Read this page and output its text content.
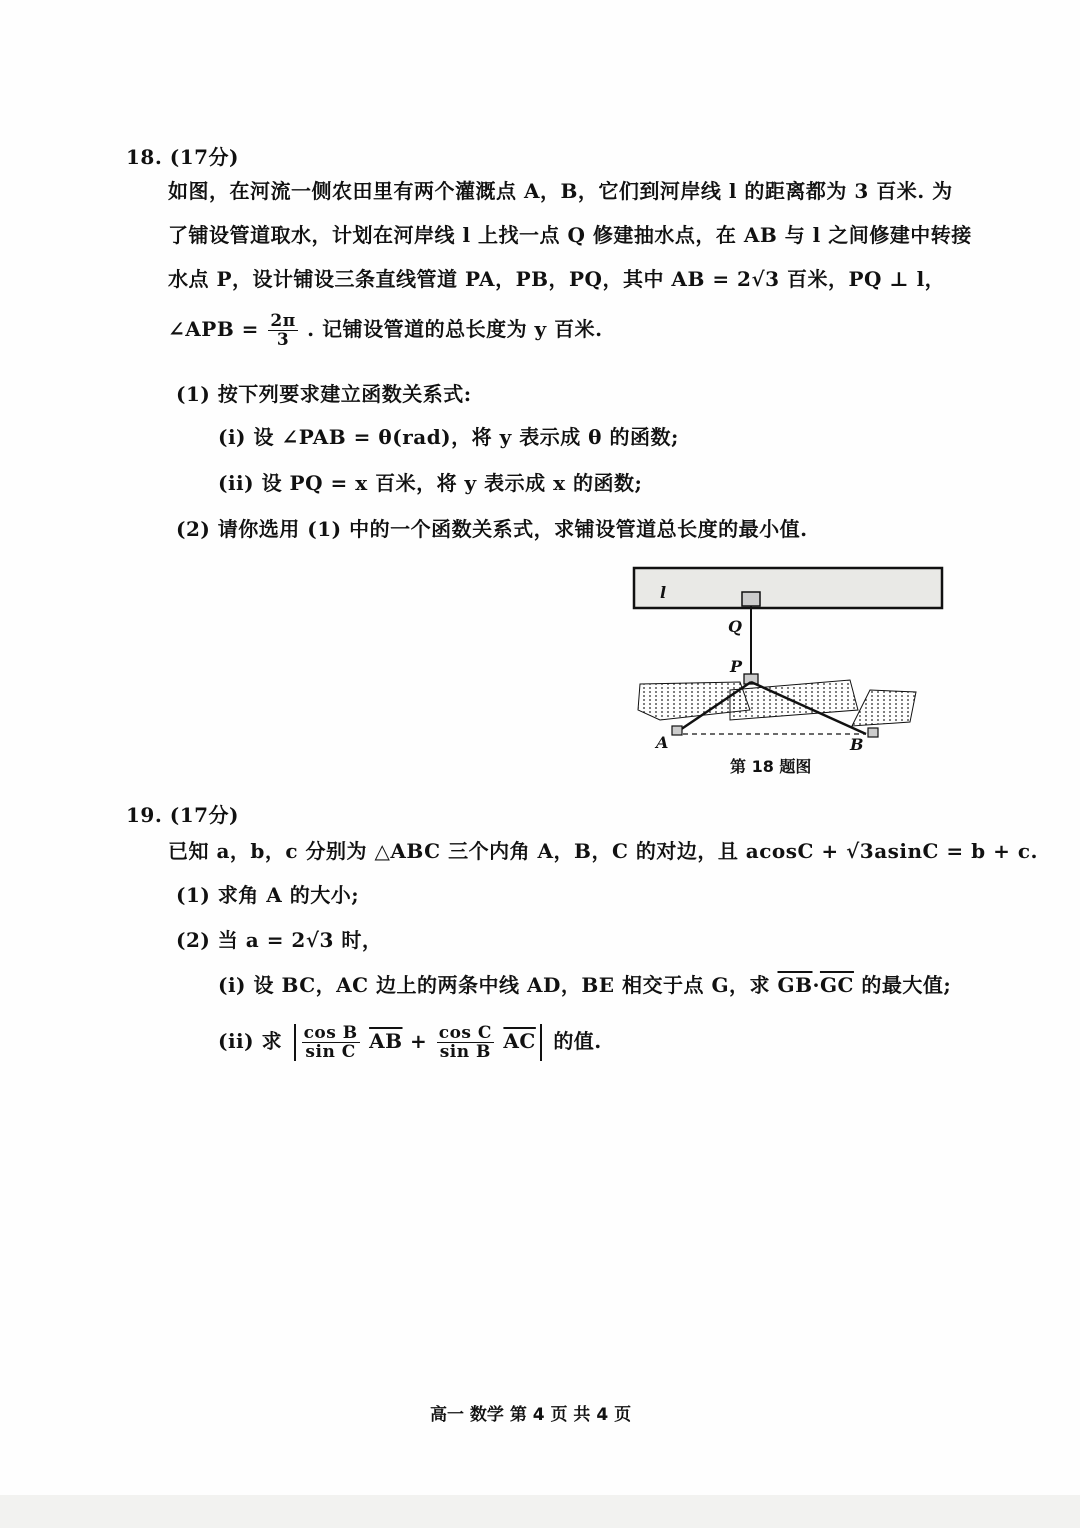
18. (17分)
如图，在河流一侧农田里有两个灌溉点 A，B，它们到河岸线 l 的距离都为 3 百米. 为
了铺设管道取水，计划在河岸线 l 上找一点 Q 修建抽水点，在 AB 与 l 之间修建中转接
水点 P，设计铺设三条直线管道 PA，PB，PQ，其中 AB = 2√3 百米，PQ ⊥ l，
∠APB = $\frac{2\pi}{3}$ . 记铺设管道的总长度为 y 百米.
(1) 按下列要求建立函数关系式:
(i) 设 ∠PAB = θ(rad)，将 y 表示成 θ 的函数;
(ii) 设 PQ = x 百米，将 y 表示成 x 的函数;
(2) 请你选用 (1) 中的一个函数关系式，求铺设管道总长度的最小值.
l
Q
P
A	B
第 18 题图
19. (17分)
已知 a，b，c 分别为 △ABC 三个内角 A，B，C 的对边，且 acosC + √3asinC = b + c.
(1) 求角 A 的大小;
(2) 当 a = 2√3 时，
(i) 设 BC，AC 边上的两条中线 AD，BE 相交于点 G，求 $\overline{GB}\cdot\overline{GC}$ 的最大值;
(ii) 求 $\frac{\text{cos B}}{\text{sin C}} \overline{AB} + \frac{\text{cos C}}{\text{sin B}} \overline{AC}$ 的值.
高一 数学 第 4 页 共 4 页
